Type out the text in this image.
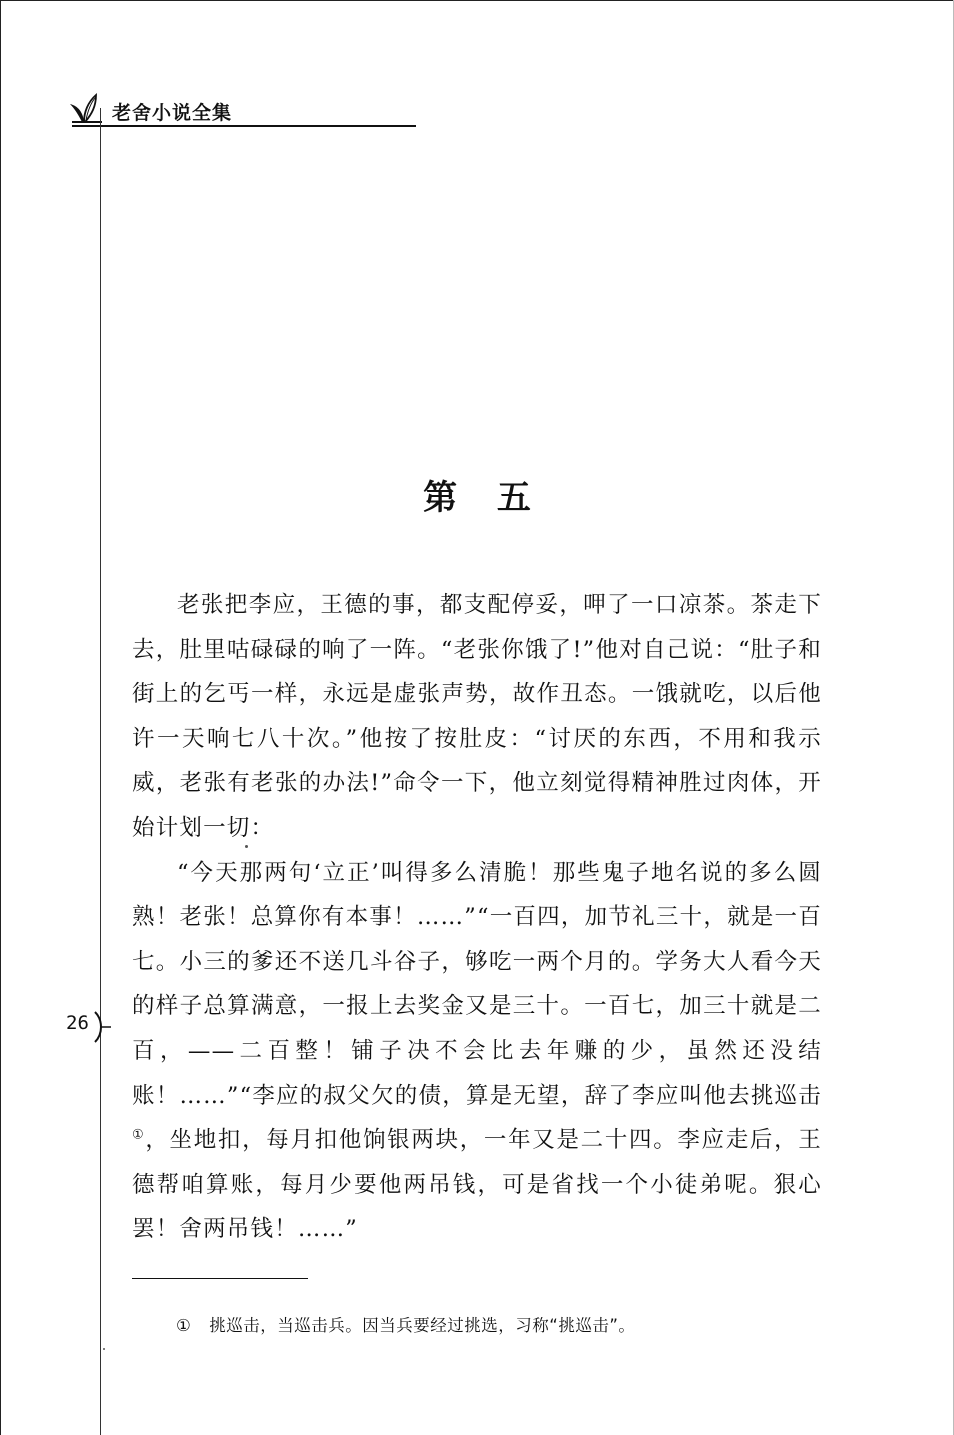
老舍小说全集
第 五

老张把李应，王德的事，都支配停妥，呷了一口凉茶。茶走下去，肚里咕碌碌的响了一阵。“老张你饿了!”他对自己说：“肚子和街上的乞丐一样，永远是虚张声势，故作丑态。一饿就吃，以后他许一天响七八十次。”他按了按肚皮：“讨厌的东西，不用和我示威，老张有老张的办法!”命令一下，他立刻觉得精神胜过肉体，开始计划一切：

“今天那两句‘立正’叫得多么清脆！那些鬼子地名说的多么圆熟！老张！总算你有本事！……”“一百四，加节礼三十，就是一百七。小三的爹还不送几斗谷子，够吃一两个月的。学务大人看今天的样子总算满意，一报上去奖金又是三十。一百七，加三十就是二百，——二百整！铺子决不会比去年赚的少，虽然还没结账！……”“李应的叔父欠的债，算是无望，辞了李应叫他去挑巡击①，坐地扣，每月扣他饷银两块，一年又是二十四。李应走后，王德帮咱算账，每月少要他两吊钱，可是省找一个小徒弟呢。狠心罢！舍两吊钱！……”

26
① 挑巡击，当巡击兵。因当兵要经过挑选，习称“挑巡击”。
